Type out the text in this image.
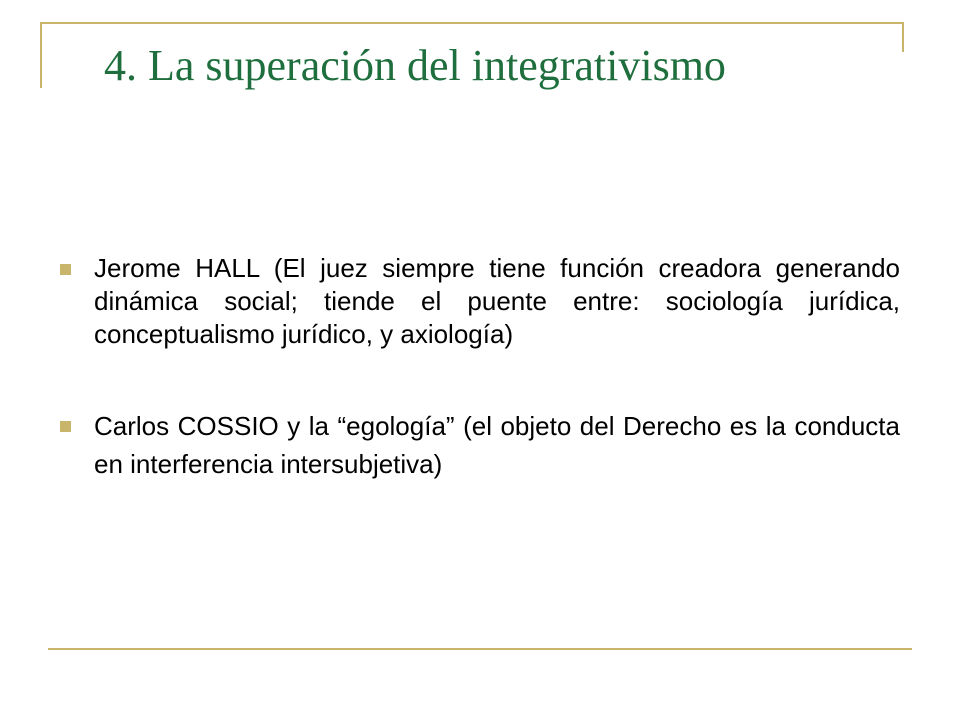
4. La superación del integrativismo
Jerome HALL (El juez siempre tiene función creadora generando dinámica social; tiende el puente entre: sociología jurídica, conceptualismo jurídico, y axiología)
Carlos COSSIO y la “egología” (el objeto del Derecho es la conducta en interferencia intersubjetiva)
